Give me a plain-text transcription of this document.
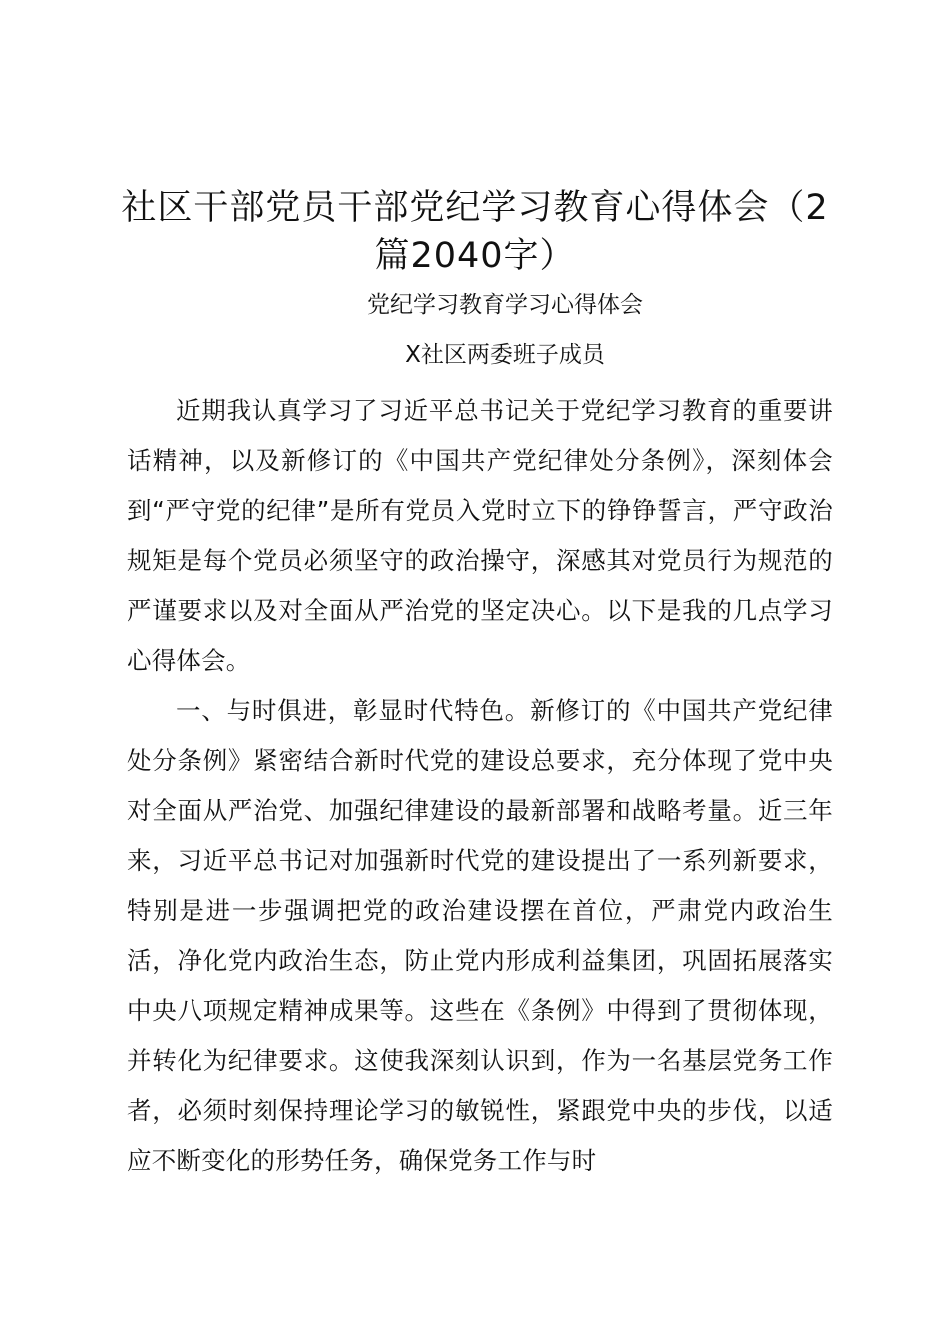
社区干部党员干部党纪学习教育心得体会（2篇2040字）

党纪学习教育学习心得体会

X社区两委班子成员

近期我认真学习了习近平总书记关于党纪学习教育的重要讲话精神，以及新修订的《中国共产党纪律处分条例》，深刻体会到“严守党的纪律”是所有党员入党时立下的铮铮誓言，严守政治规矩是每个党员必须坚守的政治操守，深感其对党员行为规范的严谨要求以及对全面从严治党的坚定决心。以下是我的几点学习心得体会。

一、与时俱进，彰显时代特色。新修订的《中国共产党纪律处分条例》紧密结合新时代党的建设总要求，充分体现了党中央对全面从严治党、加强纪律建设的最新部署和战略考量。近三年来，习近平总书记对加强新时代党的建设提出了一系列新要求，特别是进一步强调把党的政治建设摆在首位，严肃党内政治生活，净化党内政治生态，防止党内形成利益集团，巩固拓展落实中央八项规定精神成果等。这些在《条例》中得到了贯彻体现，并转化为纪律要求。这使我深刻认识到，作为一名基层党务工作者，必须时刻保持理论学习的敏锐性，紧跟党中央的步伐，以适应不断变化的形势任务，确保党务工作与时
